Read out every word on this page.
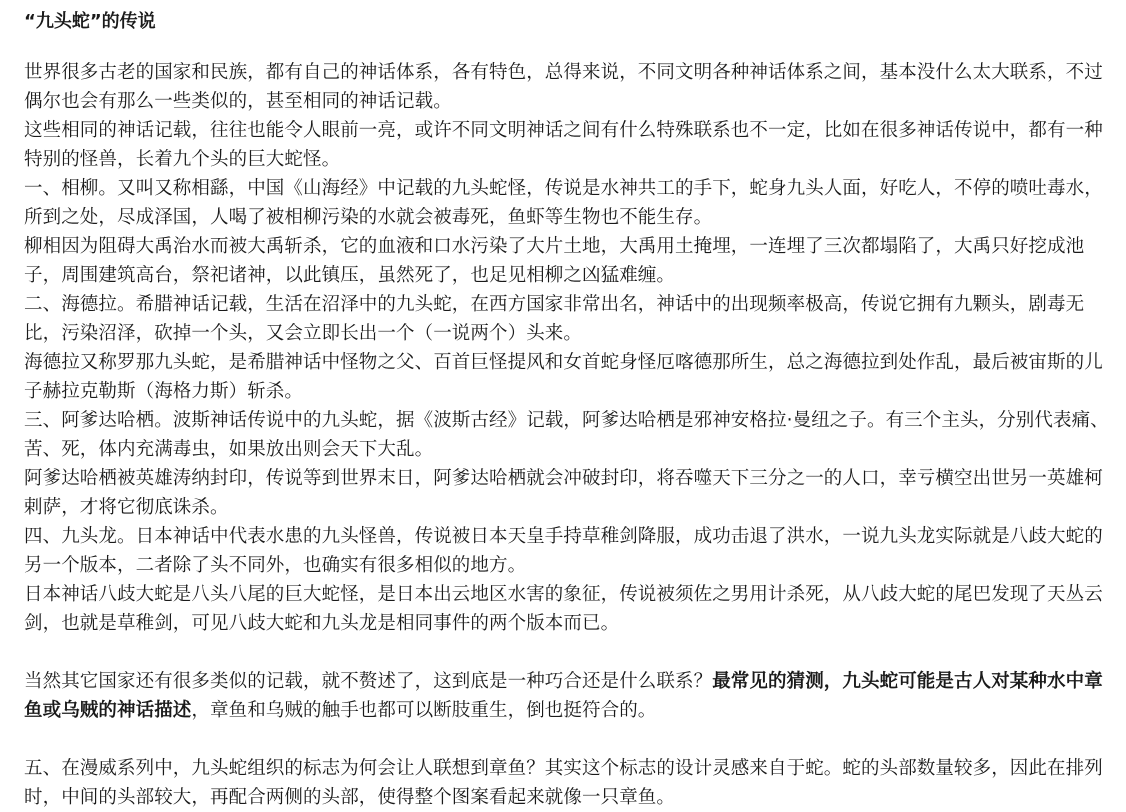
“九头蛇”的传说

世界很多古老的国家和民族，都有自己的神话体系，各有特色，总得来说，不同文明各种神话体系之间，基本没什么太大联系，不过偶尔也会有那么一些类似的，甚至相同的神话记载。

这些相同的神话记载，往往也能令人眼前一亮，或许不同文明神话之间有什么特殊联系也不一定，比如在很多神话传说中，都有一种特别的怪兽，长着九个头的巨大蛇怪。

一、相柳。又叫又称相繇，中国《山海经》中记载的九头蛇怪，传说是水神共工的手下，蛇身九头人面，好吃人，不停的喷吐毒水，所到之处，尽成泽国，人喝了被相柳污染的水就会被毒死，鱼虾等生物也不能生存。

柳相因为阻碍大禹治水而被大禹斩杀，它的血液和口水污染了大片土地，大禹用土掩埋，一连埋了三次都塌陷了，大禹只好挖成池子，周围建筑高台，祭祀诸神，以此镇压，虽然死了，也足见相柳之凶猛难缠。

二、海德拉。希腊神话记载，生活在沼泽中的九头蛇，在西方国家非常出名，神话中的出现频率极高，传说它拥有九颗头，剧毒无比，污染沼泽，砍掉一个头，又会立即长出一个（一说两个）头来。

海德拉又称罗那九头蛇，是希腊神话中怪物之父、百首巨怪提风和女首蛇身怪厄喀德那所生，总之海德拉到处作乱，最后被宙斯的儿子赫拉克勒斯（海格力斯）斩杀。

三、阿爹达哈栖。波斯神话传说中的九头蛇，据《波斯古经》记载，阿爹达哈栖是邪神安格拉·曼纽之子。有三个主头，分别代表痛、苦、死，体内充满毒虫，如果放出则会天下大乱。

阿爹达哈栖被英雄涛纳封印，传说等到世界末日，阿爹达哈栖就会冲破封印，将吞噬天下三分之一的人口，幸亏横空出世另一英雄柯剌萨，才将它彻底诛杀。

四、九头龙。日本神话中代表水患的九头怪兽，传说被日本天皇手持草稚剑降服，成功击退了洪水，一说九头龙实际就是八歧大蛇的另一个版本，二者除了头不同外，也确实有很多相似的地方。

日本神话八歧大蛇是八头八尾的巨大蛇怪，是日本出云地区水害的象征，传说被须佐之男用计杀死，从八歧大蛇的尾巴发现了天丛云剑，也就是草稚剑，可见八歧大蛇和九头龙是相同事件的两个版本而已。

当然其它国家还有很多类似的记载，就不赘述了，这到底是一种巧合还是什么联系？最常见的猜测，九头蛇可能是古人对某种水中章鱼或乌贼的神话描述，章鱼和乌贼的触手也都可以断肢重生，倒也挺符合的。

五、在漫威系列中，九头蛇组织的标志为何会让人联想到章鱼？其实这个标志的设计灵感来自于蛇。蛇的头部数量较多，因此在排列时，中间的头部较大，再配合两侧的头部，使得整个图案看起来就像一只章鱼。
